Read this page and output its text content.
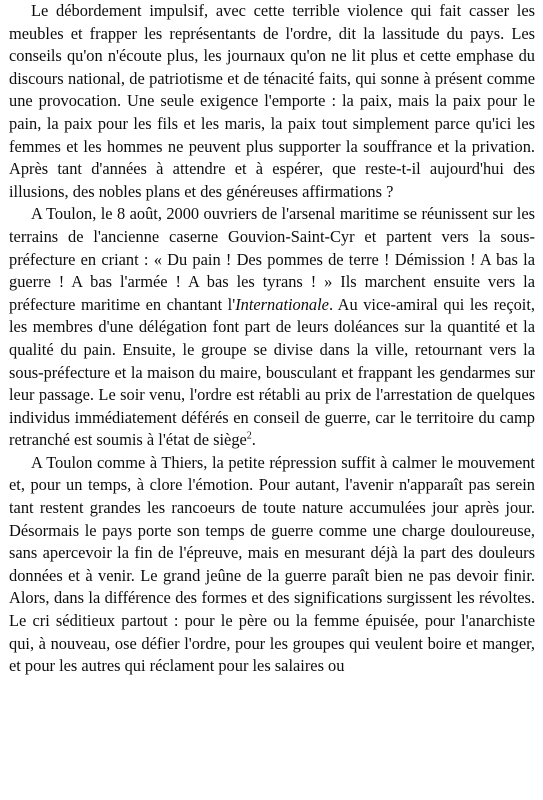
Le débordement impulsif, avec cette terrible violence qui fait casser les meubles et frapper les représentants de l'ordre, dit la lassitude du pays. Les conseils qu'on n'écoute plus, les journaux qu'on ne lit plus et cette emphase du discours national, de patriotisme et de ténacité faits, qui sonne à présent comme une provocation. Une seule exigence l'emporte : la paix, mais la paix pour le pain, la paix pour les fils et les maris, la paix tout simplement parce qu'ici les femmes et les hommes ne peuvent plus supporter la souffrance et la privation. Après tant d'années à attendre et à espérer, que reste-t-il aujourd'hui des illusions, des nobles plans et des généreuses affirmations ?

A Toulon, le 8 août, 2000 ouvriers de l'arsenal maritime se réunissent sur les terrains de l'ancienne caserne Gouvion-Saint-Cyr et partent vers la sous-préfecture en criant : « Du pain ! Des pommes de terre ! Démission ! A bas la guerre ! A bas l'armée ! A bas les tyrans ! » Ils marchent ensuite vers la préfecture maritime en chantant l'Internationale. Au vice-amiral qui les reçoit, les membres d'une délégation font part de leurs doléances sur la quantité et la qualité du pain. Ensuite, le groupe se divise dans la ville, retournant vers la sous-préfecture et la maison du maire, bousculant et frappant les gendarmes sur leur passage. Le soir venu, l'ordre est rétabli au prix de l'arrestation de quelques individus immédiatement déférés en conseil de guerre, car le territoire du camp retranché est soumis à l'état de siège$^2$.

A Toulon comme à Thiers, la petite répression suffit à calmer le mouvement et, pour un temps, à clore l'émotion. Pour autant, l'avenir n'apparaît pas serein tant restent grandes les rancoeurs de toute nature accumulées jour après jour. Désormais le pays porte son temps de guerre comme une charge douloureuse, sans apercevoir la fin de l'épreuve, mais en mesurant déjà la part des douleurs données et à venir. Le grand jeûne de la guerre paraît bien ne pas devoir finir. Alors, dans la différence des formes et des significations surgissent les révoltes. Le cri séditieux partout : pour le père ou la femme épuisée, pour l'anarchiste qui, à nouveau, ose défier l'ordre, pour les groupes qui veulent boire et manger, et pour les autres qui réclament pour les salaires ou
